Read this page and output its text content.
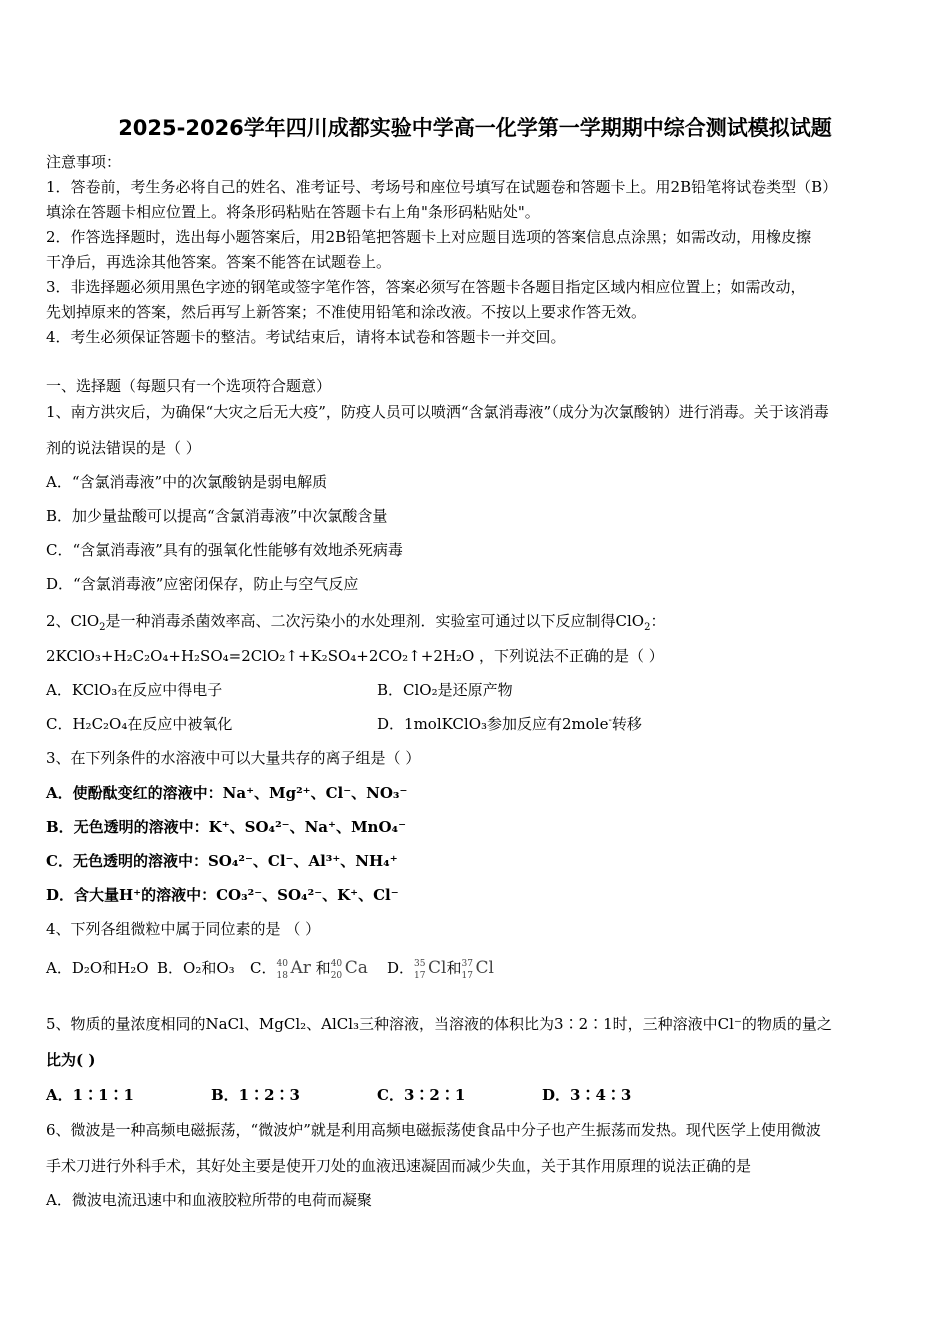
2025-2026学年四川成都实验中学高一化学第一学期期中综合测试模拟试题
注意事项：
1．答卷前，考生务必将自己的姓名、准考证号、考场号和座位号填写在试题卷和答题卡上。用2B铅笔将试卷类型（B）
填涂在答题卡相应位置上。将条形码粘贴在答题卡右上角"条形码粘贴处"。
2．作答选择题时，选出每小题答案后，用2B铅笔把答题卡上对应题目选项的答案信息点涂黑；如需改动，用橡皮擦
干净后，再选涂其他答案。答案不能答在试题卷上。
3．非选择题必须用黑色字迹的钢笔或签字笔作答，答案必须写在答题卡各题目指定区域内相应位置上；如需改动，
先划掉原来的答案，然后再写上新答案；不准使用铅笔和涂改液。不按以上要求作答无效。
4．考生必须保证答题卡的整洁。考试结束后，请将本试卷和答题卡一并交回。
一、选择题（每题只有一个选项符合题意）
1、南方洪灾后，为确保“大灾之后无大疫”，防疫人员可以喷洒“含氯消毒液”（成分为次氯酸钠）进行消毒。关于该消毒
剂的说法错误的是（ ）
A．“含氯消毒液”中的次氯酸钠是弱电解质
B．加少量盐酸可以提高“含氯消毒液”中次氯酸含量
C．“含氯消毒液”具有的强氧化性能够有效地杀死病毒
D．“含氯消毒液”应密闭保存，防止与空气反应
2、ClO$_2$是一种消毒杀菌效率高、二次污染小的水处理剂．实验室可通过以下反应制得ClO$_2$：
2KClO₃+H₂C₂O₄+H₂SO₄=2ClO₂↑+K₂SO₄+2CO₂↑+2H₂O ，下列说法不正确的是（ ）
A．KClO₃在反应中得电子	B．ClO₂是还原产物
C．H₂C₂O₄在反应中被氧化	D．1molKClO₃参加反应有2mole-转移
3、在下列条件的水溶液中可以大量共存的离子组是（ ）
A．使酚酞变红的溶液中：Na⁺、Mg²⁺、Cl⁻、NO₃⁻
B．无色透明的溶液中：K⁺、SO₄²⁻、Na⁺、MnO₄⁻
C．无色透明的溶液中：SO₄²⁻、Cl⁻、Al³⁺、NH₄⁺
D．含大量H⁺的溶液中：CO₃²⁻、SO₄²⁻、K⁺、Cl⁻
4、下列各组微粒中属于同位素的是 （ ）
A．D₂O和H₂O B．O₂和O₃ C． 40
18 Ar 和 40
20 Ca D． 35
17 Cl和 37
17 Cl
5、物质的量浓度相同的NaCl、MgCl₂、AlCl₃三种溶液，当溶液的体积比为3∶2∶1时，三种溶液中Cl⁻的物质的量之
比为( )
A．1∶1∶1	B．1∶2∶3	C．3∶2∶1	D．3∶4∶3
6、微波是一种高频电磁振荡，“微波炉”就是利用高频电磁振荡使食品中分子也产生振荡而发热。现代医学上使用微波
手术刀进行外科手术，其好处主要是使开刀处的血液迅速凝固而减少失血，关于其作用原理的说法正确的是
A．微波电流迅速中和血液胶粒所带的电荷而凝聚
